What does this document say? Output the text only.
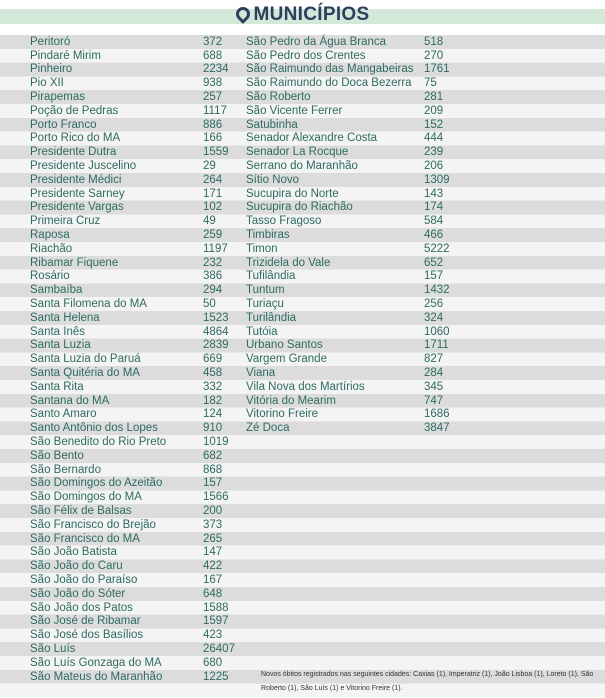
MUNICÍPIOS
Peritoró	372
Pindaré Mirim	688
Pinheiro	2234
Pio XII	938
Pirapemas	257
Poção de Pedras	1117
Porto Franco	886
Porto Rico do MA	166
Presidente Dutra	1559
Presidente Juscelino	29
Presidente Médici	264
Presidente Sarney	171
Presidente Vargas	102
Primeira Cruz	49
Raposa	259
Riachão	1197
Ribamar Fiquene	232
Rosário	386
Sambaíba	294
Santa Filomena do MA	50
Santa Helena	1523
Santa Inês	4864
Santa Luzia	2839
Santa Luzia do Paruá	669
Santa Quitéria do MA	458
Santa Rita	332
Santana do MA	182
Santo Amaro	124
Santo Antônio dos Lopes	910
São Benedito do Rio Preto	1019
São Bento	682
São Bernardo	868
São Domingos do Azeitão	157
São Domingos do MA	1566
São Félix de Balsas	200
São Francisco do Brejão	373
São Francisco do MA	265
São João Batista	147
São João do Caru	422
São João do Paraíso	167
São João do Sóter	648
São João dos Patos	1588
São José de Ribamar	1597
São José dos Basílios	423
São Luís	26407
São Luís Gonzaga do MA	680
São Mateus do Maranhão	1225
São Pedro da Água Branca	518
São Pedro dos Crentes	270
São Raimundo das Mangabeiras 1761
São Raimundo do Doca Bezerra	75
São Roberto	281
São Vicente Ferrer	209
Satubinha	152
Senador Alexandre Costa	444
Senador La Rocque	239
Serrano do Maranhão	206
Sítio Novo	1309
Sucupira do Norte	143
Sucupira do Riachão	174
Tasso Fragoso	584
Timbiras	466
Timon	5222
Trizidela do Vale	652
Tufilândia	157
Tuntum	1432
Turiaçu	256
Turilândia	324
Tutóia	1060
Urbano Santos	1711
Vargem Grande	827
Viana	284
Vila Nova dos Martírios	345
Vitória do Mearim	747
Vitorino Freire	1686
Zé Doca	3847
Novos óbitos registrados nas seguintes cidades: Caxias (1), Imperatriz (1), João Lisboa (1), Loreto (1), São Roberto (1), São Luís (1) e Vitorino Freire (1).
